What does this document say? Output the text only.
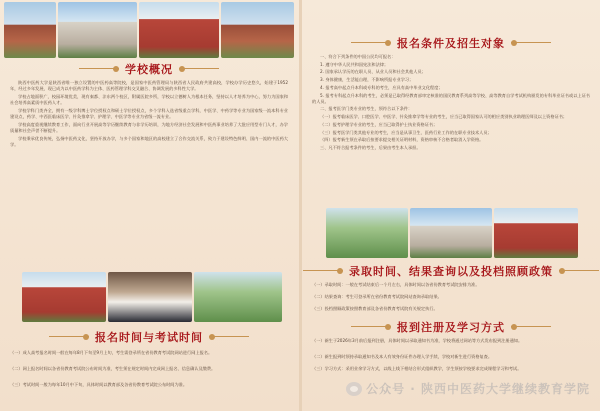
学校概况

陕西中医药大学是陕西省唯一独立设置的中医药高等院校，是国家中医药管理局与陕西省人民政府共建高校，学校办学历史悠久，始建于1952年，经过多年发展，现已成为以中医药学科为主体、医药管理学科交叉融合、协调发展的多科性大学。

学校占地面积广，校园环境优美，现有秦都、沣东两个校区，附属医院多所，学校以立德树人为根本任务，坚持以人才培养为中心，努力为国家和社会培养高素质中医药人才。

学校学科门类齐全，拥有一级学科博士学位授权点和硕士学位授权点，多个学科入选省级重点学科，中医学、中药学等专业为国家级一流本科专业建设点，药学、中西医临床医学、针灸推拿学、护理学、中医学等专业为省级一流专业。

学校高度重视继续教育工作，面向行业开展高等学历继续教育与非学历培训，为地方经济社会发展和中医药事业培养了大批应用型专门人才，办学质量和社会声誉不断提升。

学校秉承优良传统，弘扬中医药文化，坚持开放办学，与多个国家和地区的高校建立了合作交流关系，致力于建设特色鲜明、国内一流的中医药大学。

报名时间与考试时间
（一）成人高考报名时间一般在每年8月下旬至9月上旬，考生需登录所在省份教育考试院网站进行网上报名。
（二）网上报名时间以各省份教育考试院公布时间为准，考生须在规定时间内完成网上报名、信息确认及缴费。
（三）考试时间一般为每年10月中下旬，具体时间以教育部及各省份教育考试院公布时间为准。
报名条件及招生对象

一、符合下列条件的中国公民均可报名：

1. 遵守中华人民共和国宪法和法律；

2. 国家承认学历的在职人员、从业人员和社会其他人员；

3. 身体健康，生活能自理，不影响所报专业学习；

4. 报考高中起点升本科或专科的考生，应具有高中毕业文化程度；

5. 报考专科起点升本科的考生，必须是已取得经教育部审定核准的国民教育系列高等学校、高等教育自学考试机构颁发的专科毕业证书或以上证书的人员。

二、报考医学门类专业的考生，须符合以下条件：

（一）报考临床医学、口腔医学、中医学、针灸推拿学等专业的考生，应当已取得国家认可的相应类别执业助理医师及以上资格证书；

（二）报考护理学专业的考生，应当已取得护士执业资格证书；

（三）报考医学门类其他专业的考生，应当是从事卫生、医药行业工作的在职专业技术人员；

（四）报考新生须在录取后按要求提交相关证明材料，资格审核不合格者取消入学资格。

三、凡不符合报考条件的考生，后果由考生本人承担。

录取时间、结果查询以及投档照顾政策
（一）录取时间：一般在考试结束后一个月左右，具体时间以各省份教育考试院安排为准。
（二）结果查询：考生可登录所在省份教育考试院网站查询录取结果。
（三）投档照顾政策按照教育部及各省份教育考试院有关规定执行。
报到注册及学习方式
（一）新生于2026年3月前后报到注册，具体时间以录取通知书为准，学校将通过网站等方式发布报到注册通知。
（二）新生报到时须持录取通知书及本人有效身份证件办理入学手续，学校对新生进行资格复查。
（三）学习方式：采用业余学习方式，以线上线下相结合形式组织教学，学生须按学校要求完成课程学习和考试。
公众号 · 陕西中医药大学继续教育学院
